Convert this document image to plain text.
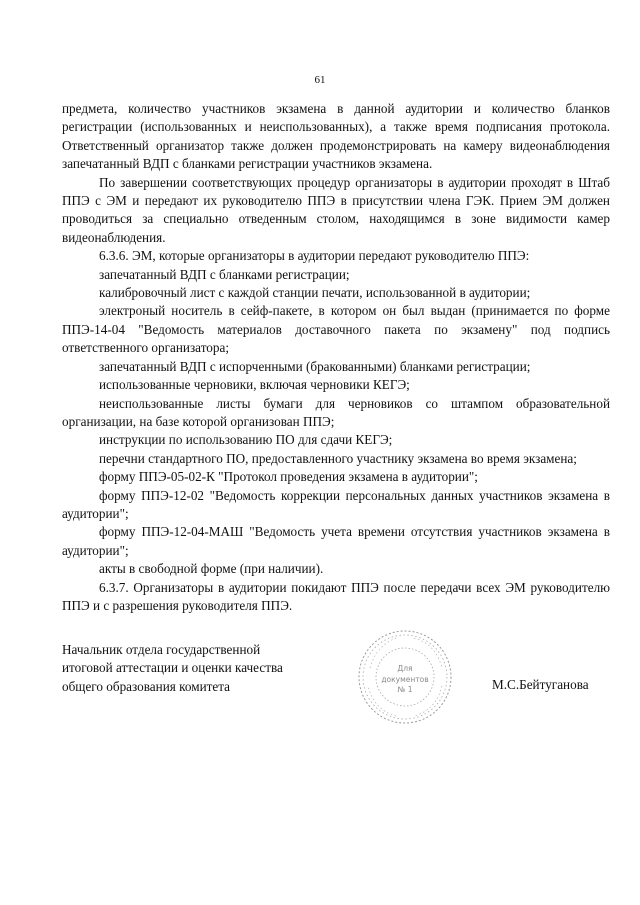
61

предмета, количество участников экзамена в данной аудитории и количество бланков регистрации (использованных и неиспользованных), а также время подписания протокола. Ответственный организатор также должен продемонстрировать на камеру видеонаблюдения запечатанный ВДП с бланками регистрации участников экзамена.

По завершении соответствующих процедур организаторы в аудитории проходят в Штаб ППЭ с ЭМ и передают их руководителю ППЭ в присутствии члена ГЭК. Прием ЭМ должен проводиться за специально отведенным столом, находящимся в зоне видимости камер видеонаблюдения.

6.3.6. ЭМ, которые организаторы в аудитории передают руководителю ППЭ:

запечатанный ВДП с бланками регистрации;

калибровочный лист с каждой станции печати, использованной в аудитории;

электроный носитель в сейф-пакете, в котором он был выдан (принимается по форме ППЭ-14-04 "Ведомость материалов доставочного пакета по экзамену" под подпись ответственного организатора;

запечатанный ВДП с испорченными (бракованными) бланками регистрации;

использованные черновики, включая черновики КЕГЭ;

неиспользованные листы бумаги для черновиков со штампом образовательной организации, на базе которой организован ППЭ;

инструкции по использованию ПО для сдачи КЕГЭ;

перечни стандартного ПО, предоставленного участнику экзамена во время экзамена;

форму ППЭ-05-02-К "Протокол проведения экзамена в аудитории";

форму ППЭ-12-02 "Ведомость коррекции персональных данных участников экзамена в аудитории";

форму ППЭ-12-04-МАШ "Ведомость учета времени отсутствия участников экзамена в аудитории";

акты в свободной форме (при наличии).

6.3.7. Организаторы в аудитории покидают ППЭ после передачи всех ЭМ руководителю ППЭ и с разрешения руководителя ППЭ.

Начальник отдела государственной
итоговой аттестации и оценки качества
общего образования комитета
Для
документов
№ 1	М.С.Бейтуганова
